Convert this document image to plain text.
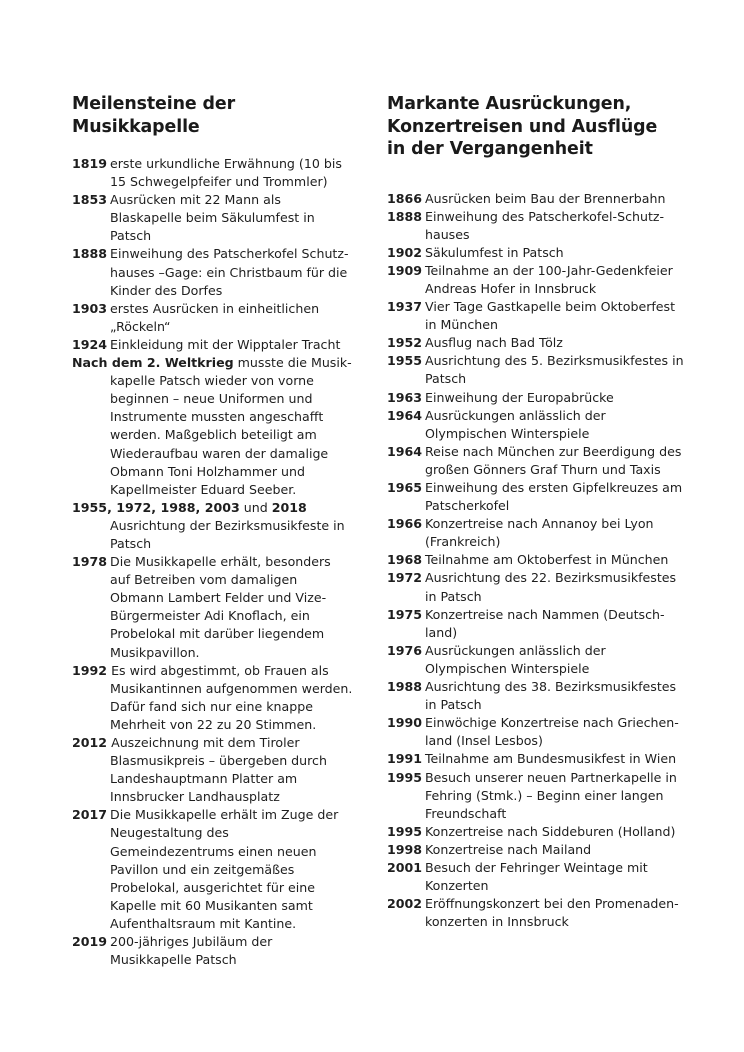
Meilensteine der Musikkapelle
1819 erste urkundliche Erwähnung (10 bis 15 Schwegelpfeifer und Trommler)
1853 Ausrücken mit 22 Mann als Blaskapelle beim Säkulumfest in Patsch
1888 Einweihung des Patscherkofel Schutzhauses –Gage: ein Christbaum für die Kinder des Dorfes
1903 erstes Ausrücken in einheitlichen „Röckeln“
1924 Einkleidung mit der Wipptaler Tracht
Nach dem 2. Weltkrieg musste die Musikkapelle Patsch wieder von vorne beginnen – neue Uniformen und Instrumente mussten angeschafft werden. Maßgeblich beteiligt am Wiederaufbau waren der damalige Obmann Toni Holzhammer und Kapellmeister Eduard Seeber.
1955, 1972, 1988, 2003 und 2018 Ausrichtung der Bezirksmusikfeste in Patsch
1978 Die Musikkapelle erhält, besonders auf Betreiben vom damaligen Obmann Lambert Felder und Vize-Bürgermeister Adi Knoflach, ein Probelokal mit darüber liegendem Musikpavillon.
1992 Es wird abgestimmt, ob Frauen als Musikantinnen aufgenommen werden. Dafür fand sich nur eine knappe Mehrheit von 22 zu 20 Stimmen.
2012 Auszeichnung mit dem Tiroler Blasmusikpreis – übergeben durch Landeshauptmann Platter am Innsbrucker Landhausplatz
2017 Die Musikkapelle erhält im Zuge der Neugestaltung des Gemeindezentrums einen neuen Pavillon und ein zeitgemäßes Probelokal, ausgerichtet für eine Kapelle mit 60 Musikanten samt Aufenthaltsraum mit Kantine.
2019 200-jähriges Jubiläum der Musikkapelle Patsch
Markante Ausrückungen,
Konzertreisen und Ausflüge
in der Vergangenheit
1866 Ausrücken beim Bau der Brennerbahn
1888 Einweihung des Patscherkofel-Schutzhauses
1902 Säkulumfest in Patsch
1909 Teilnahme an der 100-Jahr-Gedenkfeier Andreas Hofer in Innsbruck
1937 Vier Tage Gastkapelle beim Oktoberfest in München
1952 Ausflug nach Bad Tölz
1955 Ausrichtung des 5. Bezirksmusikfestes in Patsch
1963 Einweihung der Europabrücke
1964 Ausrückungen anlässlich der Olympischen Winterspiele
1964 Reise nach München zur Beerdigung des großen Gönners Graf Thurn und Taxis
1965 Einweihung des ersten Gipfelkreuzes am Patscherkofel
1966 Konzertreise nach Annanoy bei Lyon (Frankreich)
1968 Teilnahme am Oktoberfest in München
1972 Ausrichtung des 22. Bezirksmusikfestes in Patsch
1975 Konzertreise nach Nammen (Deutschland)
1976 Ausrückungen anlässlich der Olympischen Winterspiele
1988 Ausrichtung des 38. Bezirksmusikfestes in Patsch
1990 Einwöchige Konzertreise nach Griechenland (Insel Lesbos)
1991 Teilnahme am Bundesmusikfest in Wien
1995 Besuch unserer neuen Partnerkapelle in Fehring (Stmk.) – Beginn einer langen Freundschaft
1995 Konzertreise nach Siddeburen (Holland)
1998 Konzertreise nach Mailand
2001 Besuch der Fehringer Weintage mit Konzerten
2002 Eröffnungskonzert bei den Promenadenkonzerten in Innsbruck
